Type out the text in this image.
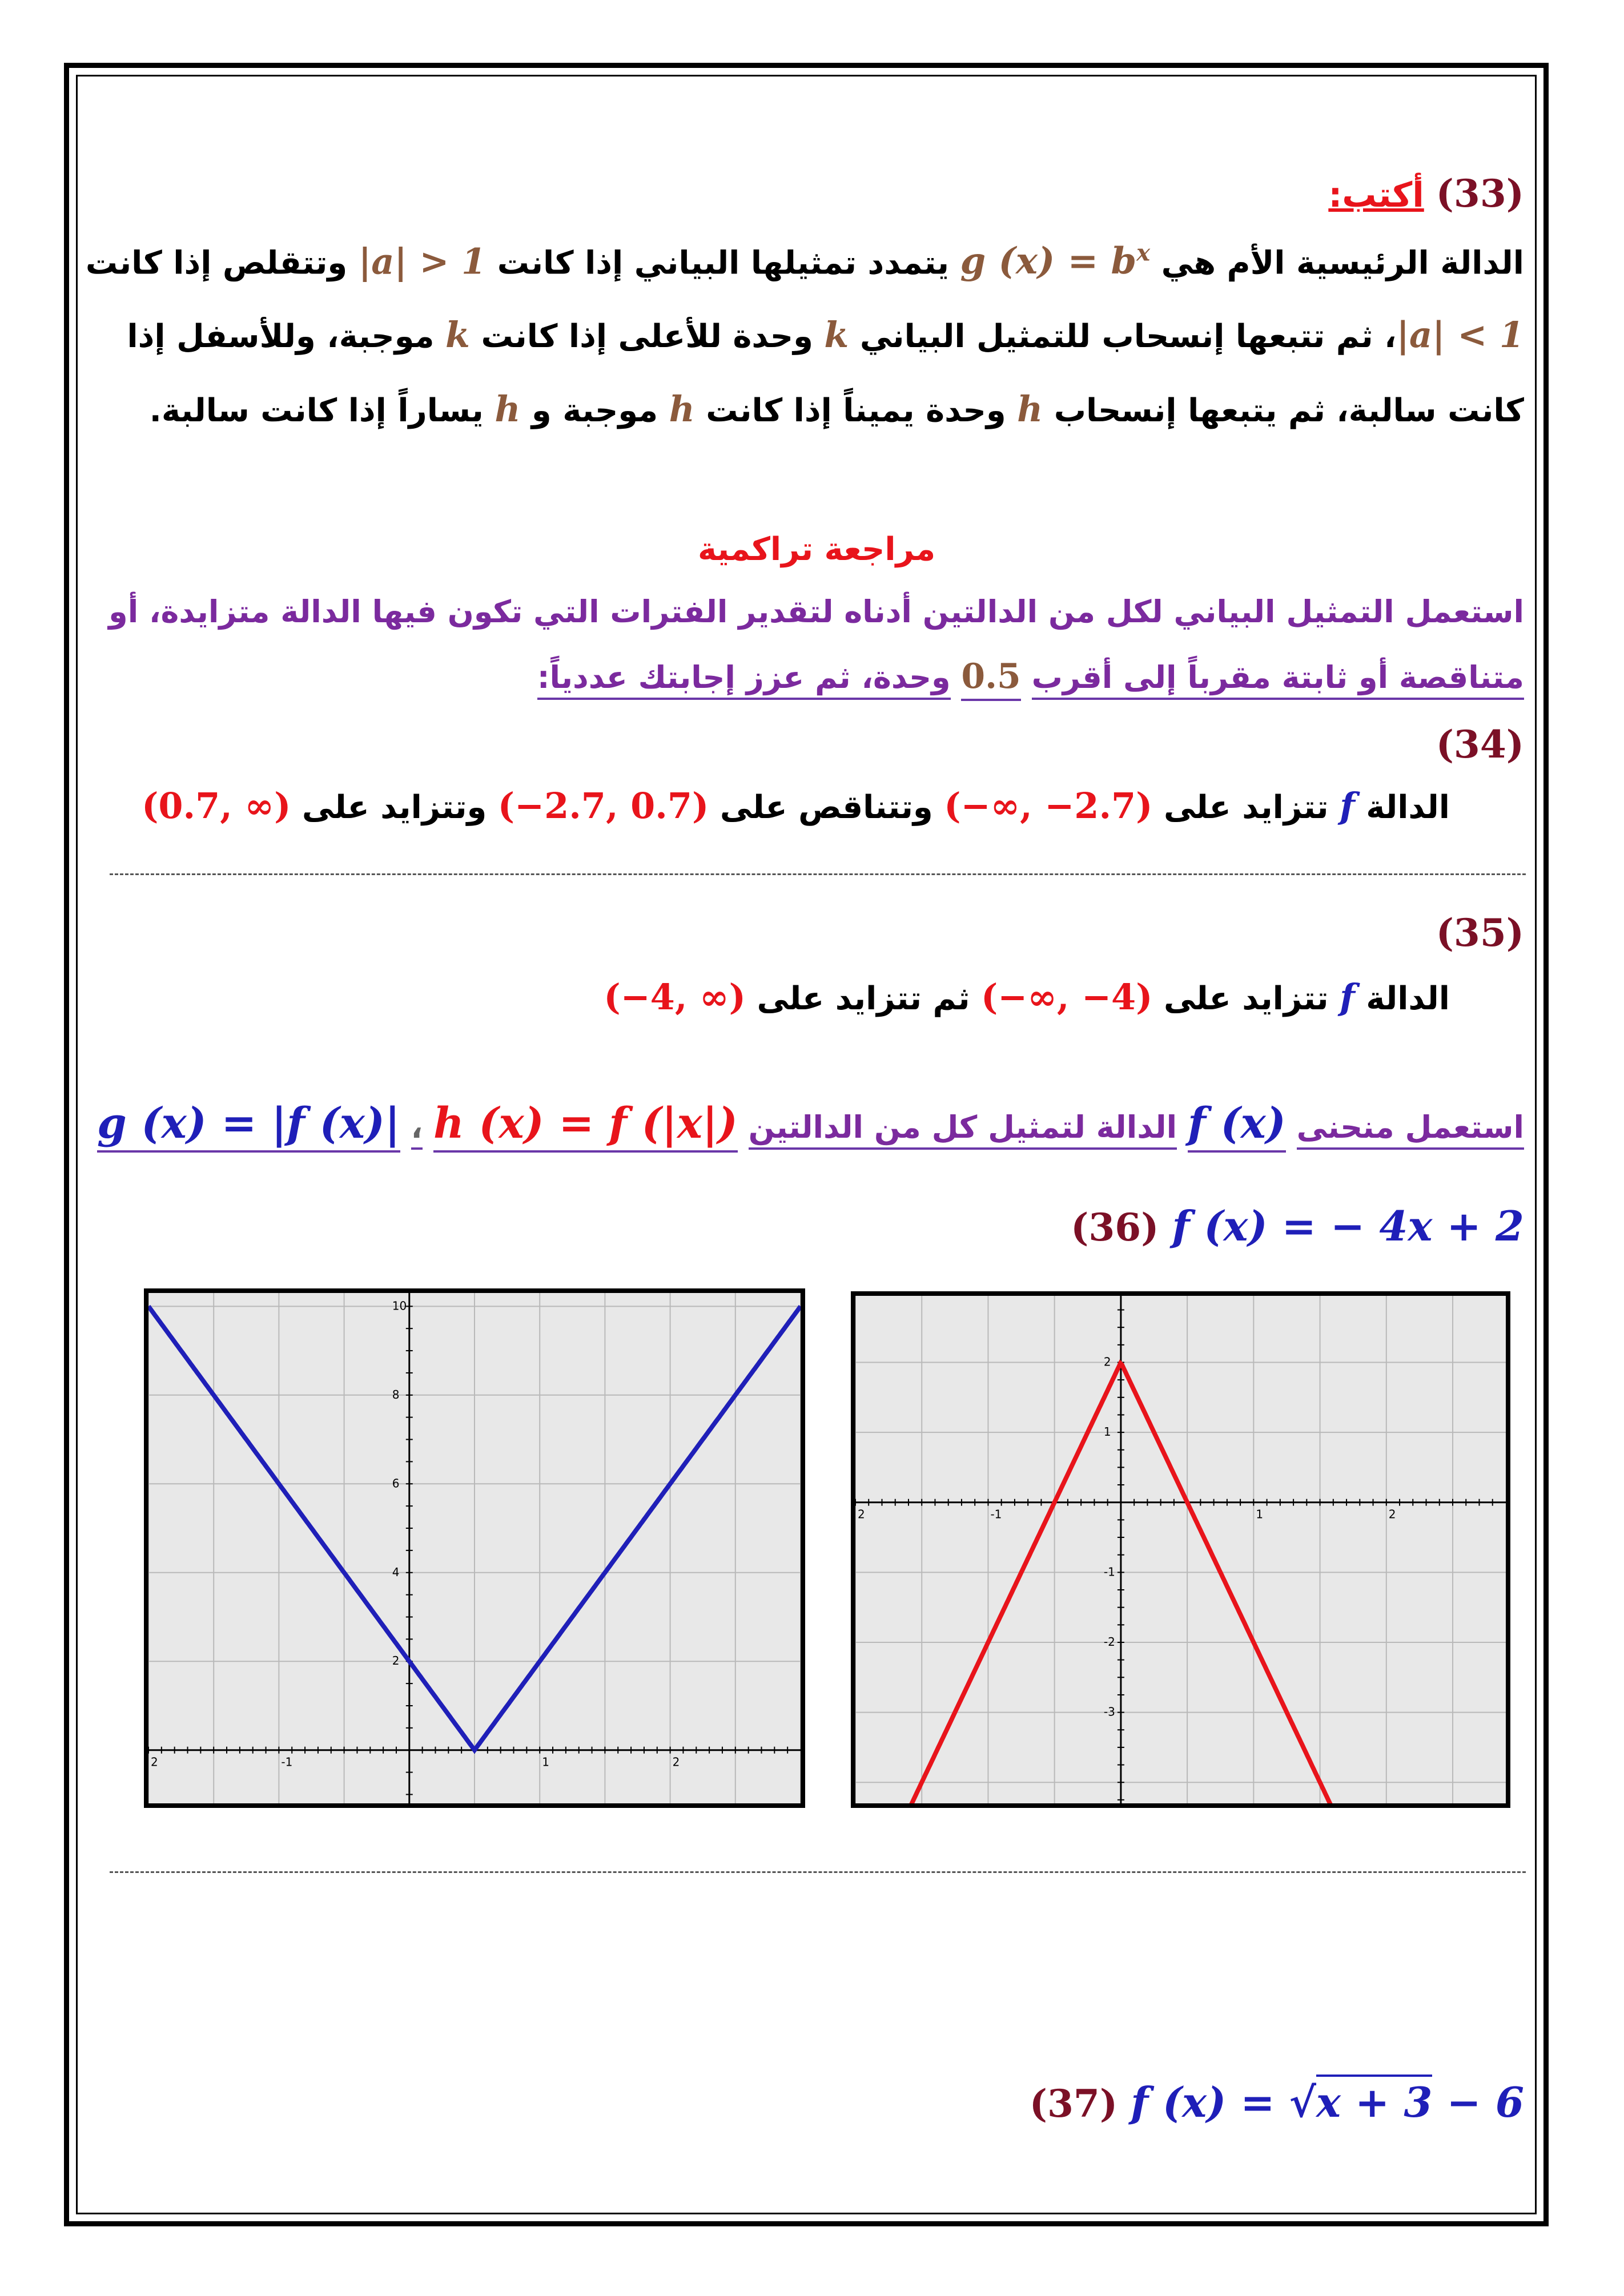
(33) أكتب:
الدالة الرئيسية الأم هي g $(x) = b^x$ يتمدد تمثيلها البياني إذا كانت |a| > 1 وتتقلص إذا كانت
|a| < 1، ثم تتبعها إنسحاب للتمثيل البياني k وحدة للأعلى إذا كانت k موجبة، وللأسفل إذا
كانت سالبة، ثم يتبعها إنسحاب h وحدة يميناً إذا كانت h موجبة و h يساراً إذا كانت سالبة.
مراجعة تراكمية
استعمل التمثيل البياني لكل من الدالتين أدناه لتقدير الفترات التي تكون فيها الدالة متزايدة، أو
متناقصة أو ثابتة مقرباً إلى أقرب 0.5 وحدة، ثم عزز إجابتك عددياً:
(34)
الدالة f تتزايد على (−∞, −2.7) وتتناقص على (−2.7, 0.7) وتتزايد على (0.7, ∞)
(35)
الدالة f تتزايد على (−∞, −4) ثم تتزايد على (−4, ∞)
استعمل منحنى f (x) الدالة لتمثيل كل من الدالتين h (x) = f (|x|) ، g (x) = |f (x)|
(36) f (x) = − 4x + 2
2	-1	1	2
10
8
6
4
2
2	-1	1	2
2
1
-1
-2
-3
(37) f (x) = √x + 3 − 6
